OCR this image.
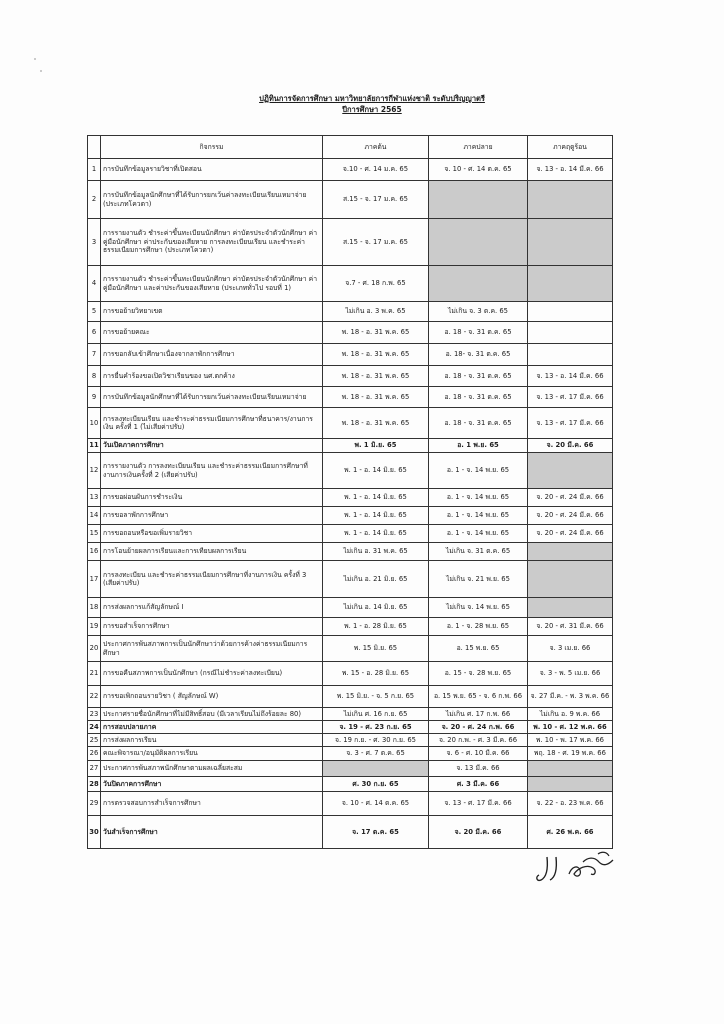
ปฏิทินการจัดการศึกษา มหาวิทยาลัยการกีฬาแห่งชาติ ระดับปริญญาตรี
ปีการศึกษา 2565
	กิจกรรม	ภาคต้น	ภาคปลาย	ภาคฤดูร้อน
1	การบันทึกข้อมูลรายวิชาที่เปิดสอน	จ.10 - ศ. 14 ม.ค. 65	จ. 10 - ศ. 14 ต.ค. 65	จ. 13 - อ. 14 มี.ค. 66
2	การบันทึกข้อมูลนักศึกษาที่ได้รับการยกเว้นค่าลงทะเบียนเรียนเหมาจ่าย (ประเภทโควตา)	ส.15 - จ. 17 ม.ค. 65		
3	การรายงานตัว ชำระค่าขึ้นทะเบียนนักศึกษา ค่าบัตรประจำตัวนักศึกษา ค่าคู่มือนักศึกษา ค่าประกันของเสียหาย การลงทะเบียนเรียน และชำระค่าธรรมเนียมการศึกษา (ประเภทโควตา)	ส.15 - จ. 17 ม.ค. 65		
4	การรายงานตัว ชำระค่าขึ้นทะเบียนนักศึกษา ค่าบัตรประจำตัวนักศึกษา ค่าคู่มือนักศึกษา และค่าประกันของเสียหาย (ประเภททั่วไป รอบที่ 1)	จ.7 - ศ. 18 ก.พ. 65		
5	การขอย้ายวิทยาเขต	ไม่เกิน อ. 3 พ.ค. 65	ไม่เกิน จ. 3 ต.ค. 65	
6	การขอย้ายคณะ	พ. 18 - อ. 31 พ.ค. 65	อ. 18 - จ. 31 ต.ค. 65	
7	การขอกลับเข้าศึกษาเนื่องจากลาพักการศึกษา	พ. 18 - อ. 31 พ.ค. 65	อ. 18- จ. 31 ต.ค. 65	
8	การยื่นคำร้องขอเปิดวิชาเรียนของ นศ.ตกค้าง	พ. 18 - อ. 31 พ.ค. 65	อ. 18 - จ. 31 ต.ค. 65	จ. 13 - อ. 14 มี.ค. 66
9	การบันทึกข้อมูลนักศึกษาที่ได้รับการยกเว้นค่าลงทะเบียนเรียนเหมาจ่าย	พ. 18 - อ. 31 พ.ค. 65	อ. 18 - จ. 31 ต.ค. 65	จ. 13 - ศ. 17 มี.ค. 66
10	การลงทะเบียนเรียน และชำระค่าธรรมเนียมการศึกษาที่ธนาคาร/งานการเงิน ครั้งที่ 1 (ไม่เสียค่าปรับ)	พ. 18 - อ. 31 พ.ค. 65	อ. 18 - จ. 31 ต.ค. 65	จ. 13 - ศ. 17 มี.ค. 66
11	วันเปิดภาคการศึกษา	พ. 1 มิ.ย. 65	อ. 1 พ.ย. 65	จ. 20 มี.ค. 66
12	การรายงานตัว การลงทะเบียนเรียน และชำระค่าธรรมเนียมการศึกษาที่งานการเงินครั้งที่ 2 (เสียค่าปรับ)	พ. 1 - อ. 14 มิ.ย. 65	อ. 1 - จ. 14 พ.ย. 65	
13	การขอผ่อนผันการชำระเงิน	พ. 1 - อ. 14 มิ.ย. 65	อ. 1 - จ. 14 พ.ย. 65	จ. 20 - ศ. 24 มี.ค. 66
14	การขอลาพักการศึกษา	พ. 1 - อ. 14 มิ.ย. 65	อ. 1 - จ. 14 พ.ย. 65	จ. 20 - ศ. 24 มี.ค. 66
15	การขอถอนหรือขอเพิ่มรายวิชา	พ. 1 - อ. 14 มิ.ย. 65	อ. 1 - จ. 14 พ.ย. 65	จ. 20 - ศ. 24 มี.ค. 66
16	การโอนย้ายผลการเรียนและการเทียบผลการเรียน	ไม่เกิน อ. 31 พ.ค. 65	ไม่เกิน จ. 31 ต.ค. 65	
17	การลงทะเบียน และชำระค่าธรรมเนียมการศึกษาที่งานการเงิน ครั้งที่ 3 (เสียค่าปรับ)	ไม่เกิน อ. 21 มิ.ย. 65	ไม่เกิน จ. 21 พ.ย. 65	
18	การส่งผลการแก้สัญลักษณ์ I	ไม่เกิน อ. 14 มิ.ย. 65	ไม่เกิน จ. 14 พ.ย. 65	
19	การขอสำเร็จการศึกษา	พ. 1 - อ. 28 มิ.ย. 65	อ. 1 - จ. 28 พ.ย. 65	จ. 20 - ศ. 31 มี.ค. 66
20	ประกาศการพ้นสภาพการเป็นนักศึกษาว่าด้วยการค้างค่าธรรมเนียมการศึกษา	พ. 15 มิ.ย. 65	อ. 15 พ.ย. 65	จ. 3 เม.ย. 66
21	การขอคืนสภาพการเป็นนักศึกษา (กรณีไม่ชำระค่าลงทะเบียน)	พ. 15 - อ. 28 มิ.ย. 65	อ. 15 - จ. 28 พ.ย. 65	จ. 3 - พ. 5 เม.ย. 66
22	การขอเพิกถอนรายวิชา ( สัญลักษณ์ W)	พ. 15 มิ.ย. - จ. 5 ก.ย. 65	อ. 15 พ.ย. 65 - จ. 6 ก.พ. 66	จ. 27 มี.ค. - พ. 3 พ.ค. 66
23	ประกาศรายชื่อนักศึกษาที่ไม่มีสิทธิ์สอบ (มีเวลาเรียนไม่ถึงร้อยละ 80)	ไม่เกิน ศ. 16 ก.ย. 65	ไม่เกิน ศ. 17 ก.พ. 66	ไม่เกิน อ. 9 พ.ค. 66
24	การสอบปลายภาค	จ. 19 - ศ. 23 ก.ย. 65	จ. 20 - ศ. 24 ก.พ. 66	พ. 10 - ศ. 12 พ.ค. 66
25	การส่งผลการเรียน	จ. 19 ก.ย. - ศ. 30 ก.ย. 65	จ. 20 ก.พ. - ศ. 3 มี.ค. 66	พ. 10 - พ. 17 พ.ค. 66
26	คณะพิจารณา/อนุมัติผลการเรียน	จ. 3 - ศ. 7 ต.ค. 65	จ. 6 - ศ. 10 มี.ค. 66	พฤ. 18 - ศ. 19 พ.ค. 66
27	ประกาศการพ้นสภาพนักศึกษาตามผลเฉลี่ยสะสม		จ. 13 มี.ค. 66	
28	วันปิดภาคการศึกษา	ศ. 30 ก.ย. 65	ศ. 3 มี.ค. 66	
29	การตรวจสอบการสำเร็จการศึกษา	จ. 10 - ศ. 14 ต.ค. 65	จ. 13 - ศ. 17 มี.ค. 66	จ. 22 - อ. 23 พ.ค. 66
30	วันสำเร็จการศึกษา	จ. 17 ต.ค. 65	จ. 20 มี.ค. 66	ศ. 26 พ.ค. 66
